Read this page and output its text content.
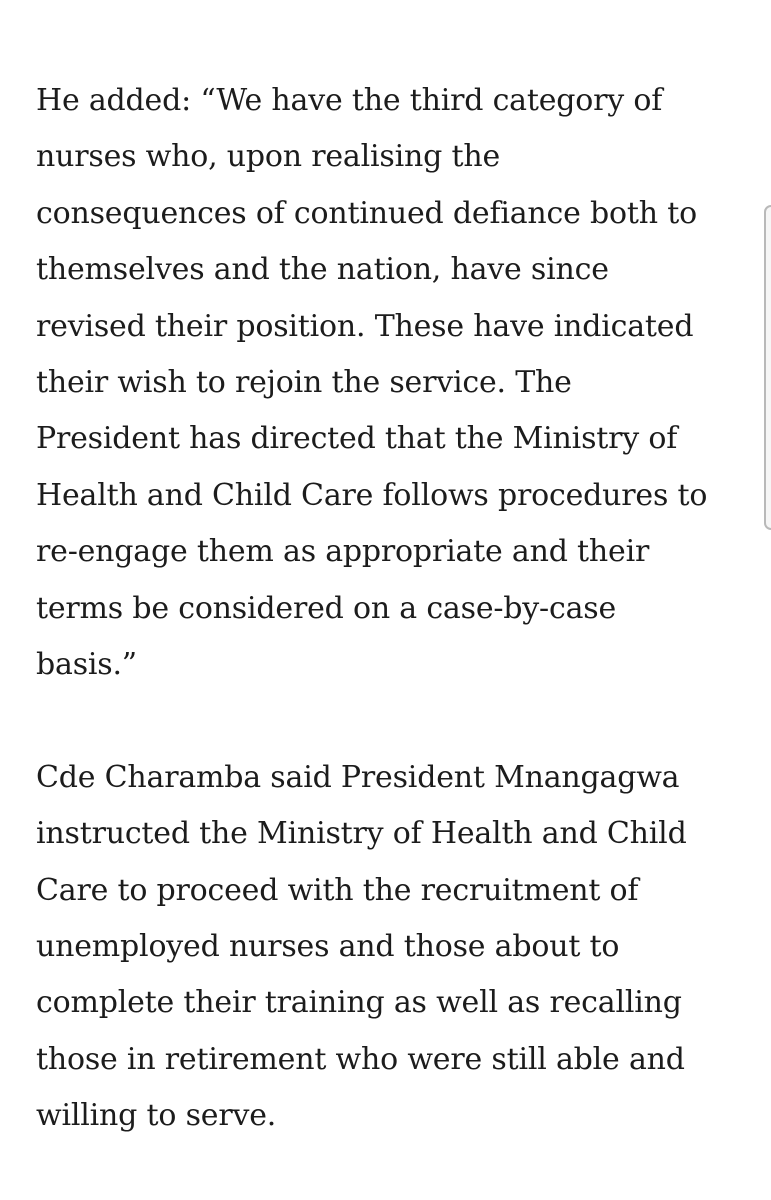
He added: “We have the third category of
nurses who, upon realising the
consequences of continued defiance both to
themselves and the nation, have since
revised their position. These have indicated
their wish to rejoin the service. The
President has directed that the Ministry of
Health and Child Care follows procedures to
re-engage them as appropriate and their
terms be considered on a case-by-case
basis.”

Cde Charamba said President Mnangagwa
instructed the Ministry of Health and Child
Care to proceed with the recruitment of
unemployed nurses and those about to
complete their training as well as recalling
those in retirement who were still able and
willing to serve.
